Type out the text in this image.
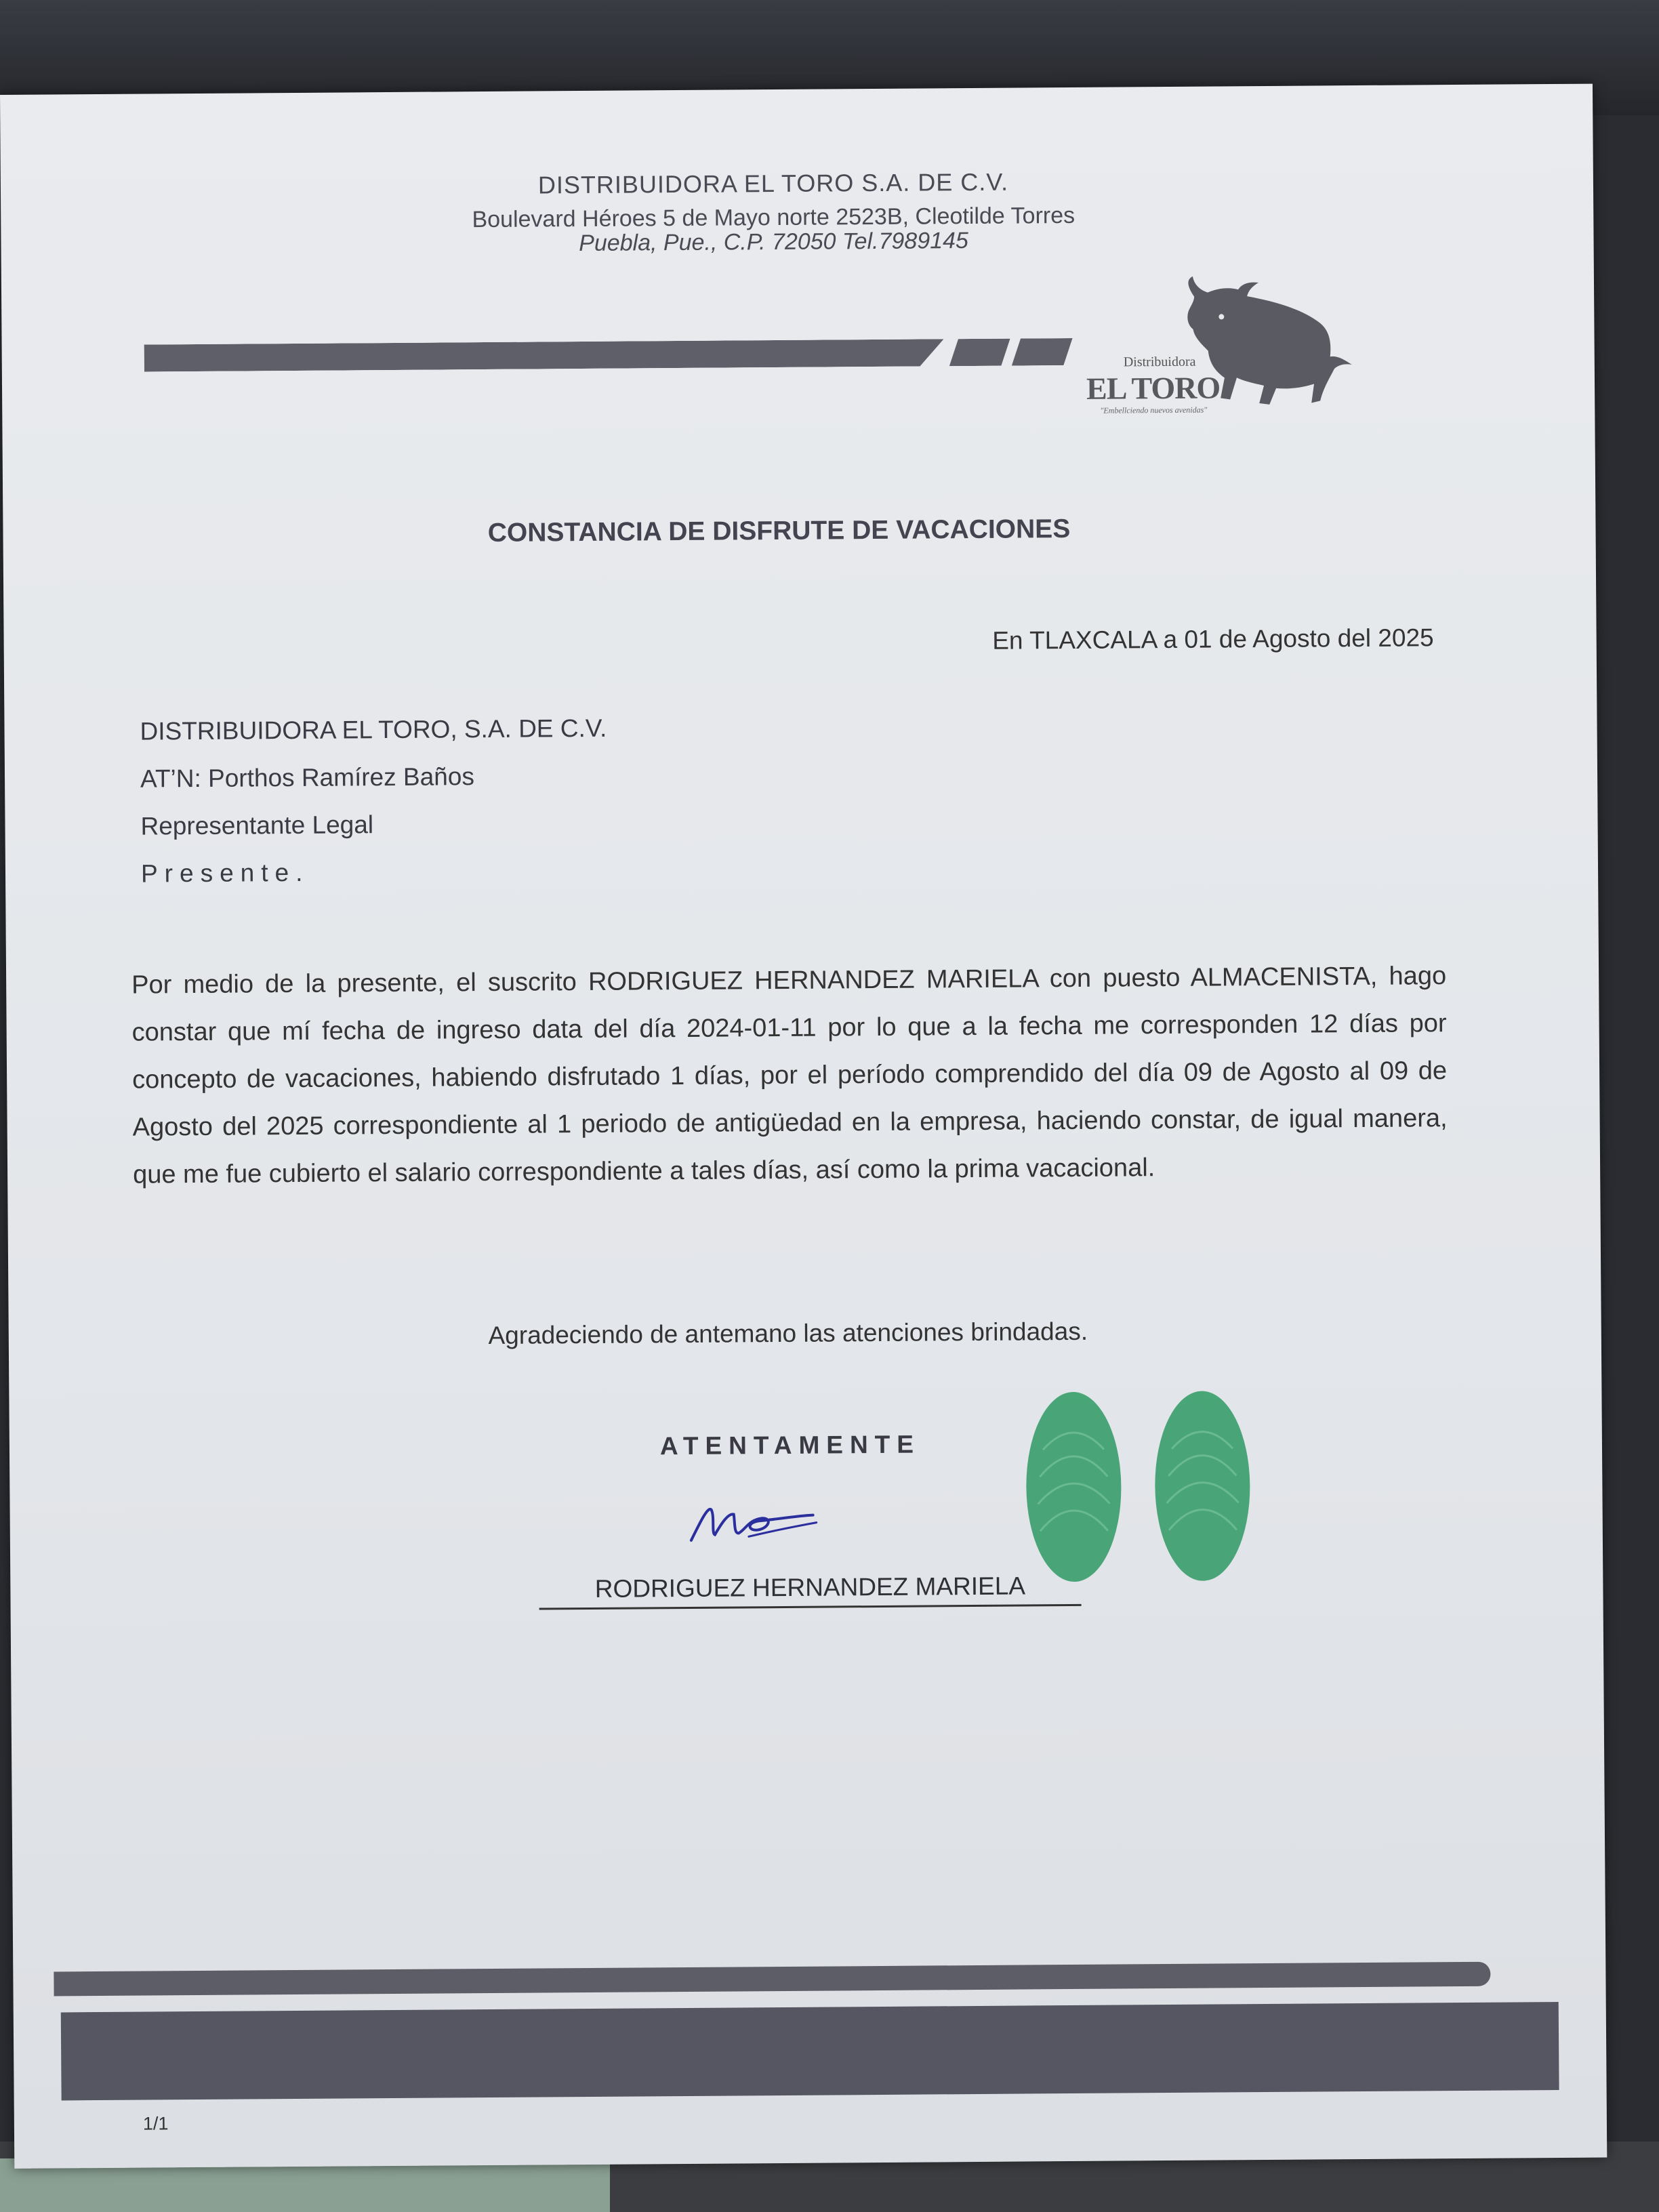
DISTRIBUIDORA EL TORO S.A. DE C.V.
Boulevard Héroes 5 de Mayo norte 2523B, Cleotilde Torres
Puebla, Pue., C.P. 72050 Tel.7989145
Distribuidora
EL TORO
"Embellciendo nuevos avenidas"
CONSTANCIA DE DISFRUTE DE VACACIONES
En TLAXCALA a 01 de Agosto del 2025
DISTRIBUIDORA EL TORO, S.A. DE C.V.
AT’N: Porthos Ramírez Baños
Representante Legal
Presente.
Por medio de la presente, el suscrito RODRIGUEZ HERNANDEZ MARIELA con puesto ALMACENISTA, hago constar que mí fecha de ingreso data del día 2024-01-11 por lo que a la fecha me corresponden 12 días por concepto de vacaciones, habiendo disfrutado 1 días, por el período comprendido del día 09 de Agosto al 09 de Agosto del 2025 correspondiente al 1 periodo de antigüedad en la empresa, haciendo constar, de igual manera, que me fue cubierto el salario correspondiente a tales días, así como la prima vacacional.
Agradeciendo de antemano las atenciones brindadas.
ATENTAMENTE
RODRIGUEZ HERNANDEZ MARIELA
1/1
